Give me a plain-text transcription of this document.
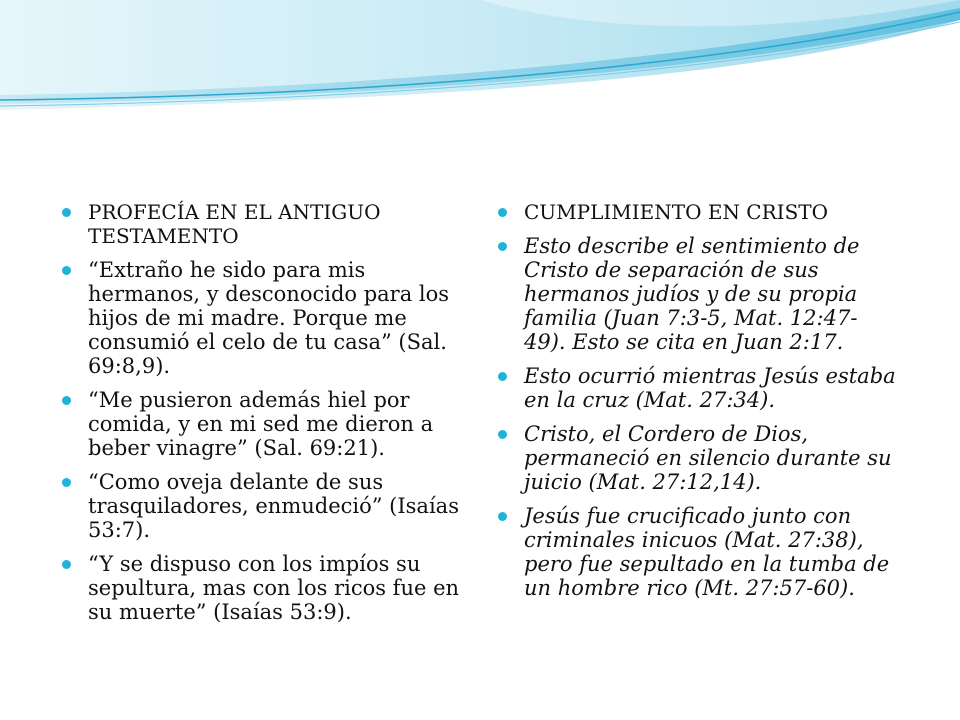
PROFECÍA EN EL ANTIGUO TESTAMENTO
“Extraño he sido para mis hermanos, y desconocido para los hijos de mi madre. Porque me consumió el celo de tu casa” (Sal. 69:8,9).
“Me pusieron además hiel por comida, y en mi sed me dieron a beber vinagre” (Sal. 69:21).
“Como oveja delante de sus trasquiladores, enmudeció” (Isaías 53:7).
“Y se dispuso con los impíos su sepultura, mas con los ricos fue en su muerte” (Isaías 53:9).
CUMPLIMIENTO EN CRISTO
Esto describe el sentimiento de Cristo de separación de sus hermanos judíos y de su propia familia (Juan 7:3-5, Mat. 12:47-49). Esto se cita en Juan 2:17.
Esto ocurrió mientras Jesús estaba en la cruz (Mat. 27:34).
Cristo, el Cordero de Dios, permaneció en silencio durante su juicio (Mat. 27:12,14).
Jesús fue crucificado junto con criminales inicuos (Mat. 27:38), pero fue sepultado en la tumba de un hombre rico (Mt. 27:57-60).
